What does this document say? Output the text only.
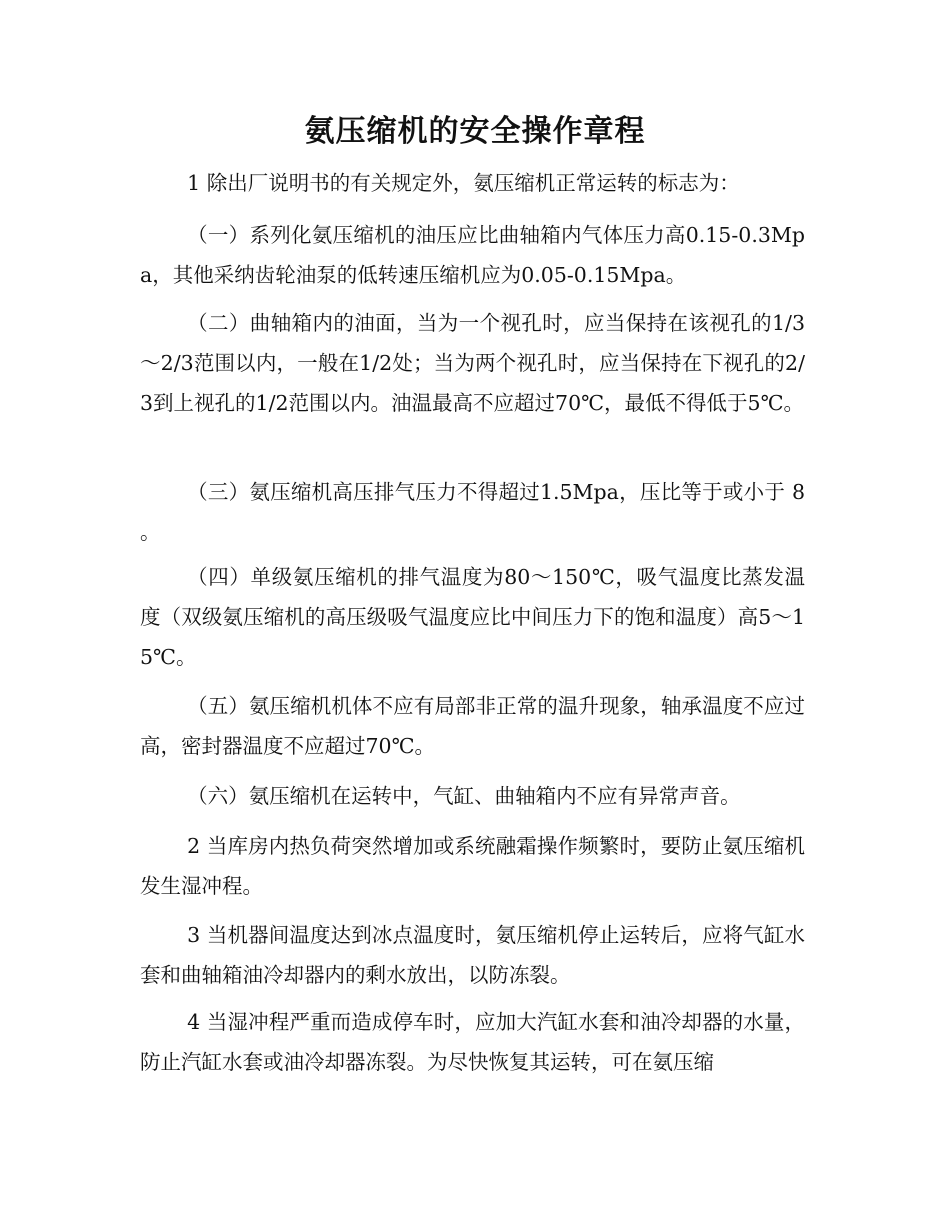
氨压缩机的安全操作章程

1 除出厂说明书的有关规定外，氨压缩机正常运转的标志为：

（一）系列化氨压缩机的油压应比曲轴箱内气体压力高0.15-0.3Mpa，其他采纳齿轮油泵的低转速压缩机应为0.05-0.15Mpa。

（二）曲轴箱内的油面，当为一个视孔时，应当保持在该视孔的1/3～2/3范围以内，一般在1/2处；当为两个视孔时，应当保持在下视孔的2/3到上视孔的1/2范围以内。油温最高不应超过70℃，最低不得低于5℃。

（三）氨压缩机高压排气压力不得超过1.5Mpa，压比等于或小于 8 。

（四）单级氨压缩机的排气温度为80～150℃，吸气温度比蒸发温度（双级氨压缩机的高压级吸气温度应比中间压力下的饱和温度）高5～15℃。

（五）氨压缩机机体不应有局部非正常的温升现象，轴承温度不应过高，密封器温度不应超过70℃。

（六）氨压缩机在运转中，气缸、曲轴箱内不应有异常声音。

2 当库房内热负荷突然增加或系统融霜操作频繁时，要防止氨压缩机发生湿冲程。

3 当机器间温度达到冰点温度时，氨压缩机停止运转后，应将气缸水套和曲轴箱油冷却器内的剩水放出，以防冻裂。

4 当湿冲程严重而造成停车时，应加大汽缸水套和油冷却器的水量，防止汽缸水套或油冷却器冻裂。为尽快恢复其运转，可在氨压缩
